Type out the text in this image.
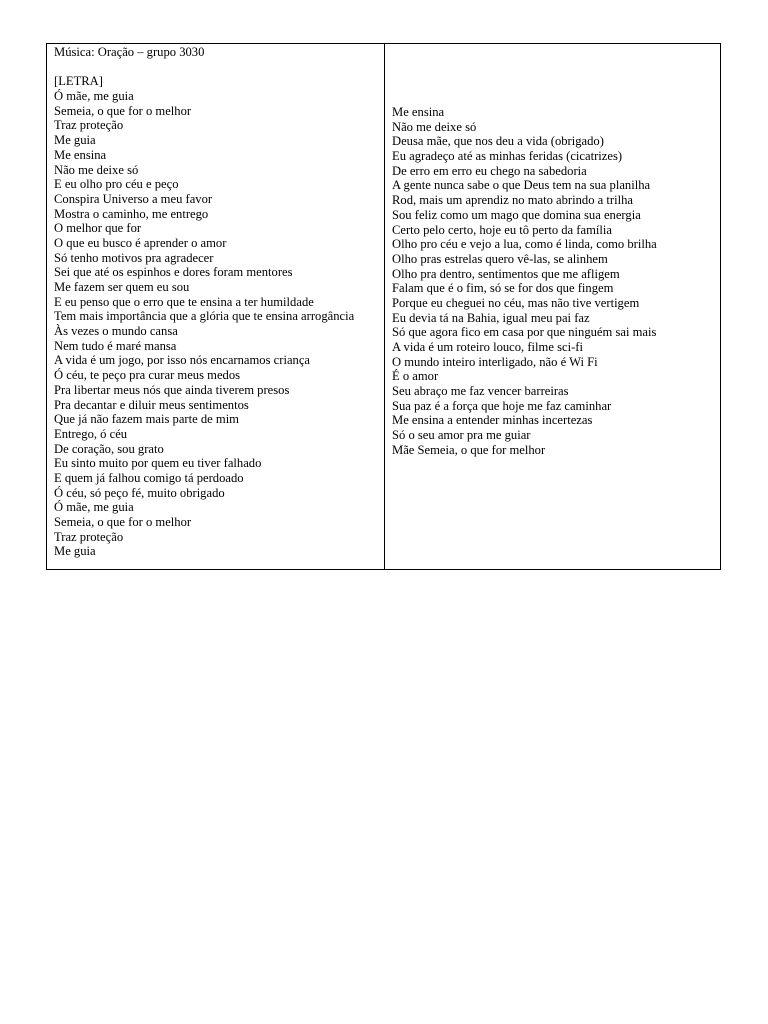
Música: Oração – grupo 3030
[LETRA]
Ó mãe, me guia
Semeia, o que for o melhor
Traz proteção
Me guia
Me ensina
Não me deixe só
E eu olho pro céu e peço
Conspira Universo a meu favor
Mostra o caminho, me entrego
O melhor que for
O que eu busco é aprender o amor
Só tenho motivos pra agradecer
Sei que até os espinhos e dores foram mentores
Me fazem ser quem eu sou
E eu penso que o erro que te ensina a ter humildade
Tem mais importância que a glória que te ensina arrogância
Às vezes o mundo cansa
Nem tudo é maré mansa
A vida é um jogo, por isso nós encarnamos criança
Ó céu, te peço pra curar meus medos
Pra libertar meus nós que ainda tiverem presos
Pra decantar e diluir meus sentimentos
Que já não fazem mais parte de mim
Entrego, ó céu
De coração, sou grato
Eu sinto muito por quem eu tiver falhado
E quem já falhou comigo tá perdoado
Ó céu, só peço fé, muito obrigado
Ó mãe, me guia
Semeia, o que for o melhor
Traz proteção
Me guia
Me ensina
Não me deixe só
Deusa mãe, que nos deu a vida (obrigado)
Eu agradeço até as minhas feridas (cicatrizes)
De erro em erro eu chego na sabedoria
A gente nunca sabe o que Deus tem na sua planilha
Rod, mais um aprendiz no mato abrindo a trilha
Sou feliz como um mago que domina sua energia
Certo pelo certo, hoje eu tô perto da família
Olho pro céu e vejo a lua, como é linda, como brilha
Olho pras estrelas quero vê-las, se alinhem
Olho pra dentro, sentimentos que me afligem
Falam que é o fim, só se for dos que fingem
Porque eu cheguei no céu, mas não tive vertigem
Eu devia tá na Bahia, igual meu pai faz
Só que agora fico em casa por que ninguém sai mais
A vida é um roteiro louco, filme sci-fi
O mundo inteiro interligado, não é Wi Fi
É o amor
Seu abraço me faz vencer barreiras
Sua paz é a força que hoje me faz caminhar
Me ensina a entender minhas incertezas
Só o seu amor pra me guiar
Mãe Semeia, o que for melhor
